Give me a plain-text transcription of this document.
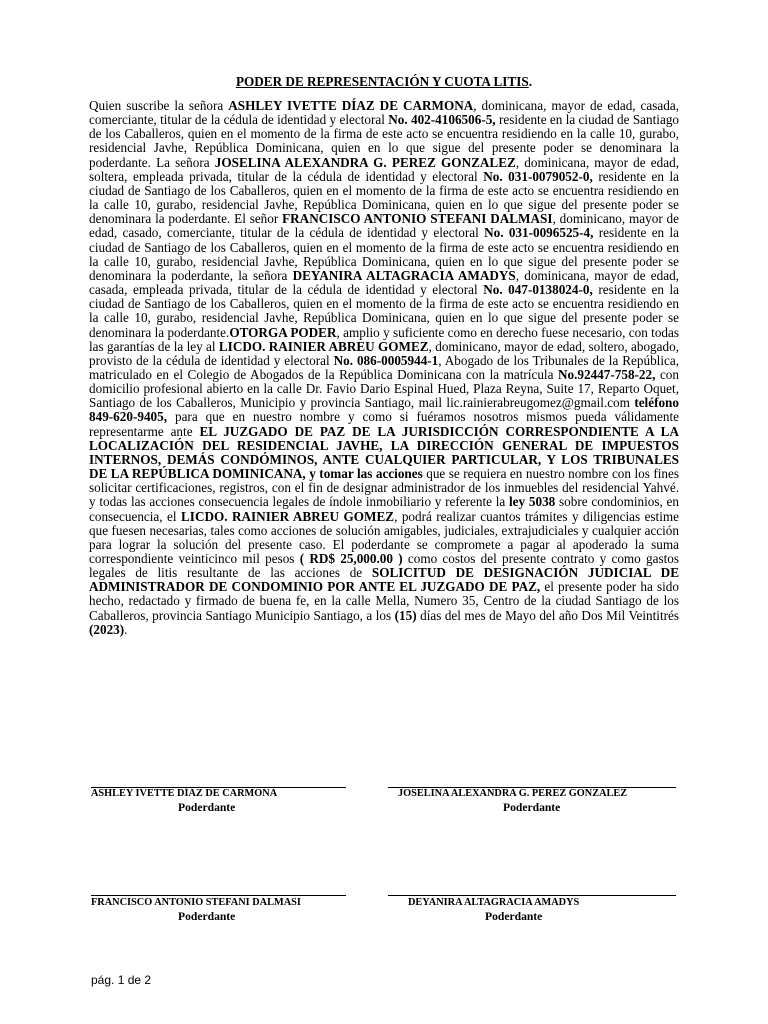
PODER DE REPRESENTACIÓN Y CUOTA LITIS.
Quien suscribe la señora ASHLEY IVETTE DÍAZ DE CARMONA, dominicana, mayor de edad, casada, comerciante, titular de la cédula de identidad y electoral No. 402-4106506-5, residente en la ciudad de Santiago de los Caballeros, quien en el momento de la firma de este acto se encuentra residiendo en la calle 10, gurabo, residencial Javhe, República Dominicana, quien en lo que sigue del presente poder se denominara la poderdante. La señora JOSELINA ALEXANDRA G. PEREZ GONZALEZ, dominicana, mayor de edad, soltera, empleada privada, titular de la cédula de identidad y electoral No. 031-0079052-0, residente en la ciudad de Santiago de los Caballeros, quien en el momento de la firma de este acto se encuentra residiendo en la calle 10, gurabo, residencial Javhe, República Dominicana, quien en lo que sigue del presente poder se denominara la poderdante. El señor FRANCISCO ANTONIO STEFANI DALMASI, dominicano, mayor de edad, casado, comerciante, titular de la cédula de identidad y electoral No. 031-0096525-4, residente en la ciudad de Santiago de los Caballeros, quien en el momento de la firma de este acto se encuentra residiendo en la calle 10, gurabo, residencial Javhe, República Dominicana, quien en lo que sigue del presente poder se denominara la poderdante, la señora DEYANIRA ALTAGRACIA AMADYS, dominicana, mayor de edad, casada, empleada privada, titular de la cédula de identidad y electoral No. 047-0138024-0, residente en la ciudad de Santiago de los Caballeros, quien en el momento de la firma de este acto se encuentra residiendo en la calle 10, gurabo, residencial Javhe, República Dominicana, quien en lo que sigue del presente poder se denominara la poderdante.OTORGA PODER, amplio y suficiente como en derecho fuese necesario, con todas las garantías de la ley al LICDO. RAINIER ABREU GOMEZ, dominicano, mayor de edad, soltero, abogado, provisto de la cédula de identidad y electoral No. 086-0005944-1, Abogado de los Tribunales de la República, matriculado en el Colegio de Abogados de la República Dominicana con la matrícula No.92447-758-22, con domicilio profesional abierto en la calle Dr. Favio Dario Espinal Hued, Plaza Reyna, Suite 17, Reparto Oquet, Santiago de los Caballeros, Municipio y provincia Santiago, mail lic.rainierabreugomez@gmail.com teléfono 849-620-9405, para que en nuestro nombre y como si fuéramos nosotros mismos pueda válidamente representarme ante EL JUZGADO DE PAZ DE LA JURISDICCIÓN CORRESPONDIENTE A LA LOCALIZACIÓN DEL RESIDENCIAL JAVHE, LA DIRECCIÓN GENERAL DE IMPUESTOS INTERNOS, DEMÁS CONDÓMINOS, ANTE CUALQUIER PARTICULAR, Y LOS TRIBUNALES DE LA REPÚBLICA DOMINICANA, y tomar las acciones que se requiera en nuestro nombre con los fines solicitar certificaciones, registros, con el fin de designar administrador de los inmuebles del residencial Yahvé. y todas las acciones consecuencia legales de índole inmobiliario y referente la ley 5038 sobre condominios, en consecuencia, el LICDO. RAINIER ABREU GOMEZ, podrá realizar cuantos trámites y diligencias estime que fuesen necesarias, tales como acciones de solución amigables, judiciales, extrajudiciales y cualquier acción para lograr la solución del presente caso. El poderdante se compromete a pagar al apoderado la suma correspondiente veinticinco mil pesos ( RD$ 25,000.00 ) como costos del presente contrato y como gastos legales de litis resultante de las acciones de SOLICITUD DE DESIGNACIÓN JUDICIAL DE ADMINISTRADOR DE CONDOMINIO POR ANTE EL JUZGADO DE PAZ, el presente poder ha sido hecho, redactado y firmado de buena fe, en la calle Mella, Numero 35, Centro de la ciudad Santiago de los Caballeros, provincia Santiago Municipio Santiago, a los (15) días del mes de Mayo del año Dos Mil Veintitrés (2023).
ASHLEY IVETTE DÍAZ DE CARMONA
Poderdante
JOSELINA ALEXANDRA G. PEREZ GONZALEZ
Poderdante
FRANCISCO ANTONIO STEFANI DALMASI
Poderdante
DEYANIRA ALTAGRACIA AMADYS
Poderdante
pág. 1 de 2
